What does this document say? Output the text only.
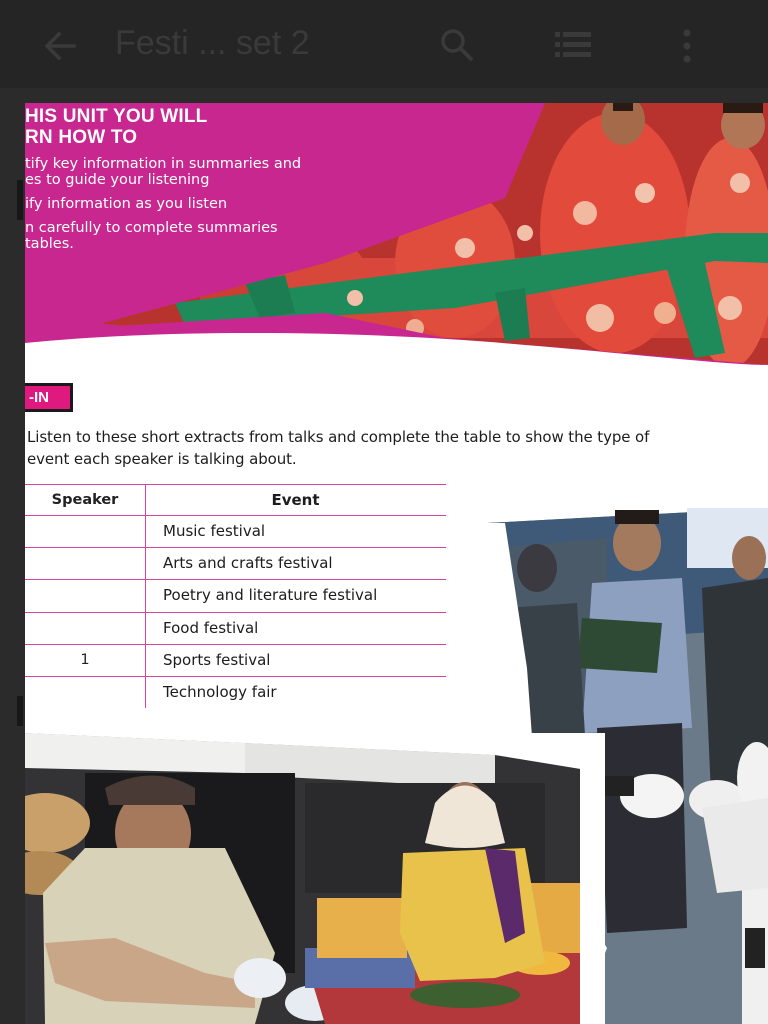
Festi ... set 2
HIS UNIT YOU WILL
RN HOW TO
tify key information in summaries and
es to guide your listening
ify information as you listen
n carefully to complete summaries
tables.
-IN
Listen to these short extracts from talks and complete the table to show the type of
event each speaker is talking about.
Speaker	Event
Music festival
Arts and crafts festival
Poetry and literature festival
Food festival
1	Sports festival
Technology fair
